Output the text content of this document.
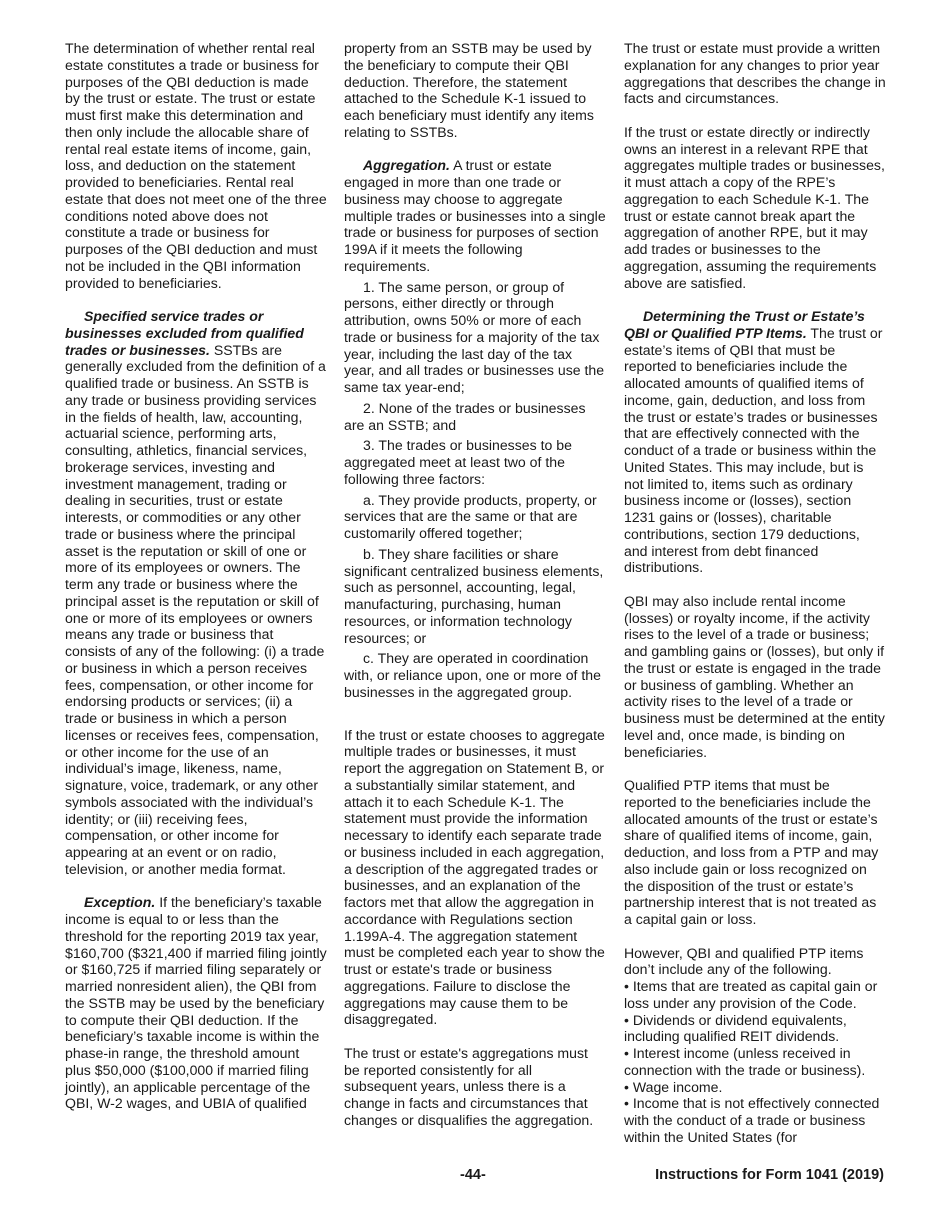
The determination of whether rental real estate constitutes a trade or business for purposes of the QBI deduction is made by the trust or estate. The trust or estate must first make this determination and then only include the allocable share of rental real estate items of income, gain, loss, and deduction on the statement provided to beneficiaries. Rental real estate that does not meet one of the three conditions noted above does not constitute a trade or business for purposes of the QBI deduction and must not be included in the QBI information provided to beneficiaries.

Specified service trades or businesses excluded from qualified trades or businesses. SSTBs are generally excluded from the definition of a qualified trade or business. An SSTB is any trade or business providing services in the fields of health, law, accounting, actuarial science, performing arts, consulting, athletics, financial services, brokerage services, investing and investment management, trading or dealing in securities, trust or estate interests, or commodities or any other trade or business where the principal asset is the reputation or skill of one or more of its employees or owners. The term any trade or business where the principal asset is the reputation or skill of one or more of its employees or owners means any trade or business that consists of any of the following: (i) a trade or business in which a person receives fees, compensation, or other income for endorsing products or services; (ii) a trade or business in which a person licenses or receives fees, compensation, or other income for the use of an individual’s image, likeness, name, signature, voice, trademark, or any other symbols associated with the individual’s identity; or (iii) receiving fees, compensation, or other income for appearing at an event or on radio, television, or another media format.

Exception. If the beneficiary’s taxable income is equal to or less than the threshold for the reporting 2019 tax year, $160,700 ($321,400 if married filing jointly or $160,725 if married filing separately or married nonresident alien), the QBI from the SSTB may be used by the beneficiary to compute their QBI deduction. If the beneficiary’s taxable income is within the phase-in range, the threshold amount plus $50,000 ($100,000 if married filing jointly), an applicable percentage of the QBI, W-2 wages, and UBIA of qualified

property from an SSTB may be used by the beneficiary to compute their QBI deduction. Therefore, the statement attached to the Schedule K-1 issued to each beneficiary must identify any items relating to SSTBs.

Aggregation. A trust or estate engaged in more than one trade or business may choose to aggregate multiple trades or businesses into a single trade or business for purposes of section 199A if it meets the following requirements.

1. The same person, or group of persons, either directly or through attribution, owns 50% or more of each trade or business for a majority of the tax year, including the last day of the tax year, and all trades or businesses use the same tax year-end;

2. None of the trades or businesses are an SSTB; and

3. The trades or businesses to be aggregated meet at least two of the following three factors:

a. They provide products, property, or services that are the same or that are customarily offered together;

b. They share facilities or share significant centralized business elements, such as personnel, accounting, legal, manufacturing, purchasing, human resources, or information technology resources; or

c. They are operated in coordination with, or reliance upon, one or more of the businesses in the aggregated group.

If the trust or estate chooses to aggregate multiple trades or businesses, it must report the aggregation on Statement B, or a substantially similar statement, and attach it to each Schedule K-1. The statement must provide the information necessary to identify each separate trade or business included in each aggregation, a description of the aggregated trades or businesses, and an explanation of the factors met that allow the aggregation in accordance with Regulations section 1.199A-4. The aggregation statement must be completed each year to show the trust or estate's trade or business aggregations. Failure to disclose the aggregations may cause them to be disaggregated.

The trust or estate's aggregations must be reported consistently for all subsequent years, unless there is a change in facts and circumstances that changes or disqualifies the aggregation.

The trust or estate must provide a written explanation for any changes to prior year aggregations that describes the change in facts and circumstances.

If the trust or estate directly or indirectly owns an interest in a relevant RPE that aggregates multiple trades or businesses, it must attach a copy of the RPE’s aggregation to each Schedule K-1. The trust or estate cannot break apart the aggregation of another RPE, but it may add trades or businesses to the aggregation, assuming the requirements above are satisfied.

Determining the Trust or Estate’s QBI or Qualified PTP Items. The trust or estate’s items of QBI that must be reported to beneficiaries include the allocated amounts of qualified items of income, gain, deduction, and loss from the trust or estate’s trades or businesses that are effectively connected with the conduct of a trade or business within the United States. This may include, but is not limited to, items such as ordinary business income or (losses), section 1231 gains or (losses), charitable contributions, section 179 deductions, and interest from debt financed distributions.

QBI may also include rental income (losses) or royalty income, if the activity rises to the level of a trade or business; and gambling gains or (losses), but only if the trust or estate is engaged in the trade or business of gambling. Whether an activity rises to the level of a trade or business must be determined at the entity level and, once made, is binding on beneficiaries.

Qualified PTP items that must be reported to the beneficiaries include the allocated amounts of the trust or estate’s share of qualified items of income, gain, deduction, and loss from a PTP and may also include gain or loss recognized on the disposition of the trust or estate’s partnership interest that is not treated as a capital gain or loss.

However, QBI and qualified PTP items don’t include any of the following.

• Items that are treated as capital gain or loss under any provision of the Code.
• Dividends or dividend equivalents, including qualified REIT dividends.
• Interest income (unless received in connection with the trade or business).
• Wage income.
• Income that is not effectively connected with the conduct of a trade or business within the United States (for
-44-	Instructions for Form 1041 (2019)
